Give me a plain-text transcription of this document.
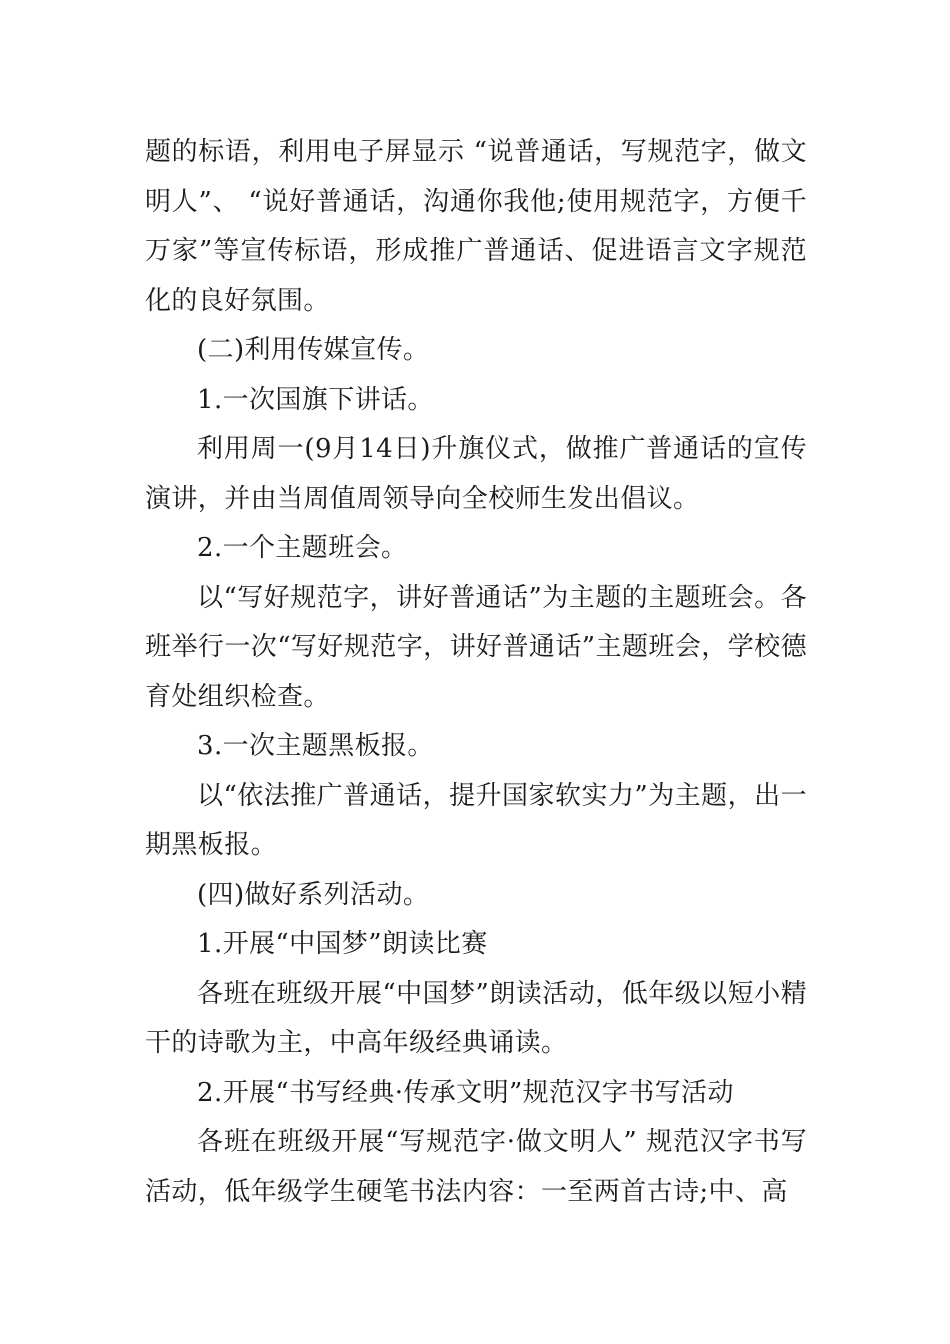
题的标语，利用电子屏显示 “说普通话，写规范字，做文明人”、 “说好普通话，沟通你我他;使用规范字，方便千万家”等宣传标语，形成推广普通话、促进语言文字规范化的良好氛围。

(二)利用传媒宣传。

1.一次国旗下讲话。

利用周一(9月14日)升旗仪式，做推广普通话的宣传演讲，并由当周值周领导向全校师生发出倡议。

2.一个主题班会。

以“写好规范字，讲好普通话”为主题的主题班会。各班举行一次“写好规范字，讲好普通话”主题班会，学校德育处组织检查。

3.一次主题黑板报。

以“依法推广普通话，提升国家软实力”为主题，出一期黑板报。

(四)做好系列活动。

1.开展“中国梦”朗读比赛

各班在班级开展“中国梦”朗读活动，低年级以短小精干的诗歌为主，中高年级经典诵读。

2.开展“书写经典·传承文明”规范汉字书写活动

各班在班级开展“写规范字·做文明人” 规范汉字书写活动，低年级学生硬笔书法内容：一至两首古诗;中、高
